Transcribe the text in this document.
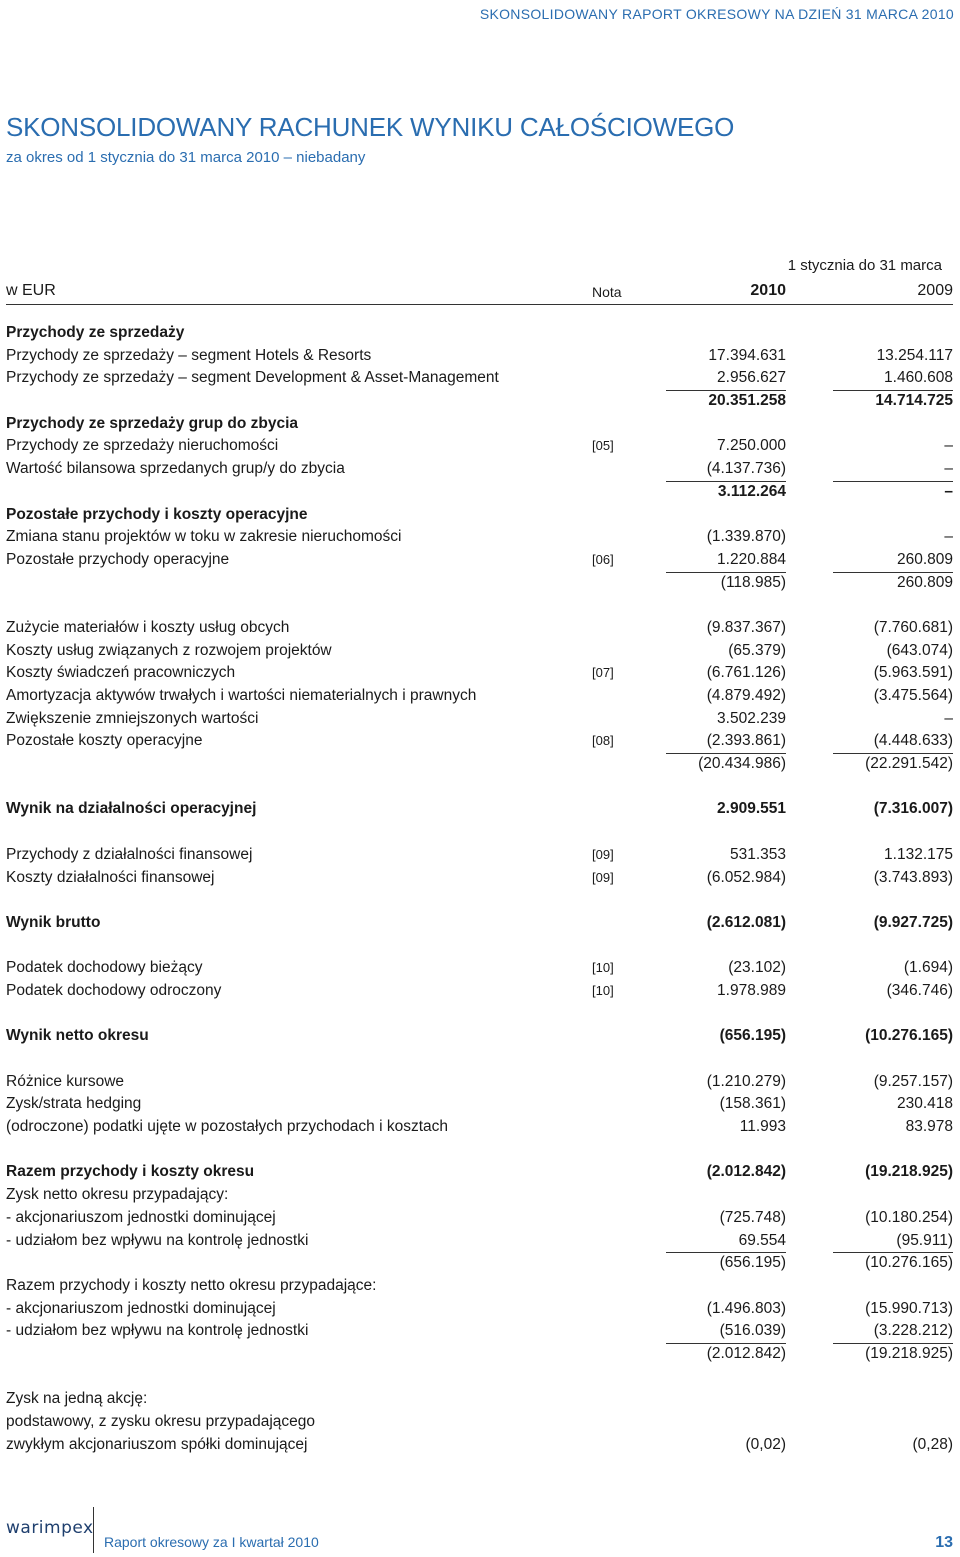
SKONSOLIDOWANY RAPORT OKRESOWY NA DZIEŃ 31 MARCA 2010
SKONSOLIDOWANY RACHUNEK WYNIKU CAŁOŚCIOWEGO
za okres od 1 stycznia do 31 marca 2010 – niebadany
1 stycznia do 31 marca
w EUR	Nota	2010	2009
Przychody ze sprzedaży
Przychody ze sprzedaży – segment Hotels & Resorts	17.394.631	13.254.117
Przychody ze sprzedaży – segment Development & Asset-Management	2.956.627	1.460.608
20.351.258	14.714.725
Przychody ze sprzedaży grup do zbycia
Przychody ze sprzedaży nieruchomości	[05]	7.250.000	–
Wartość bilansowa sprzedanych grup/y do zbycia	(4.137.736)	–
3.112.264	–
Pozostałe przychody i koszty operacyjne
Zmiana stanu projektów w toku w zakresie nieruchomości	(1.339.870)	–
Pozostałe przychody operacyjne	[06]	1.220.884	260.809
(118.985)	260.809
Zużycie materiałów i koszty usług obcych	(9.837.367)	(7.760.681)
Koszty usług związanych z rozwojem projektów	(65.379)	(643.074)
Koszty świadczeń pracowniczych	[07]	(6.761.126)	(5.963.591)
Amortyzacja aktywów trwałych i wartości niematerialnych i prawnych	(4.879.492)	(3.475.564)
Zwiększenie zmniejszonych wartości	3.502.239	–
Pozostałe koszty operacyjne	[08]	(2.393.861)	(4.448.633)
(20.434.986)	(22.291.542)
Wynik na działalności operacyjnej	2.909.551	(7.316.007)
Przychody z działalności finansowej	[09]	531.353	1.132.175
Koszty działalności finansowej	[09]	(6.052.984)	(3.743.893)
Wynik brutto	(2.612.081)	(9.927.725)
Podatek dochodowy bieżący	[10]	(23.102)	(1.694)
Podatek dochodowy odroczony	[10]	1.978.989	(346.746)
Wynik netto okresu	(656.195)	(10.276.165)
Różnice kursowe	(1.210.279)	(9.257.157)
Zysk/strata hedging	(158.361)	230.418
(odroczone) podatki ujęte w pozostałych przychodach i kosztach	11.993	83.978
Razem przychody i koszty okresu	(2.012.842)	(19.218.925)
Zysk netto okresu przypadający:
- akcjonariuszom jednostki dominującej	(725.748)	(10.180.254)
- udziałom bez wpływu na kontrolę jednostki	69.554	(95.911)
(656.195)	(10.276.165)
Razem przychody i koszty netto okresu przypadające:
- akcjonariuszom jednostki dominującej	(1.496.803)	(15.990.713)
- udziałom bez wpływu na kontrolę jednostki	(516.039)	(3.228.212)
(2.012.842)	(19.218.925)
Zysk na jedną akcję:
podstawowy, z zysku okresu przypadającego
zwykłym akcjonariuszom spółki dominującej	(0,02)	(0,28)
warimpex
Raport okresowy za I kwartał 2010	13
